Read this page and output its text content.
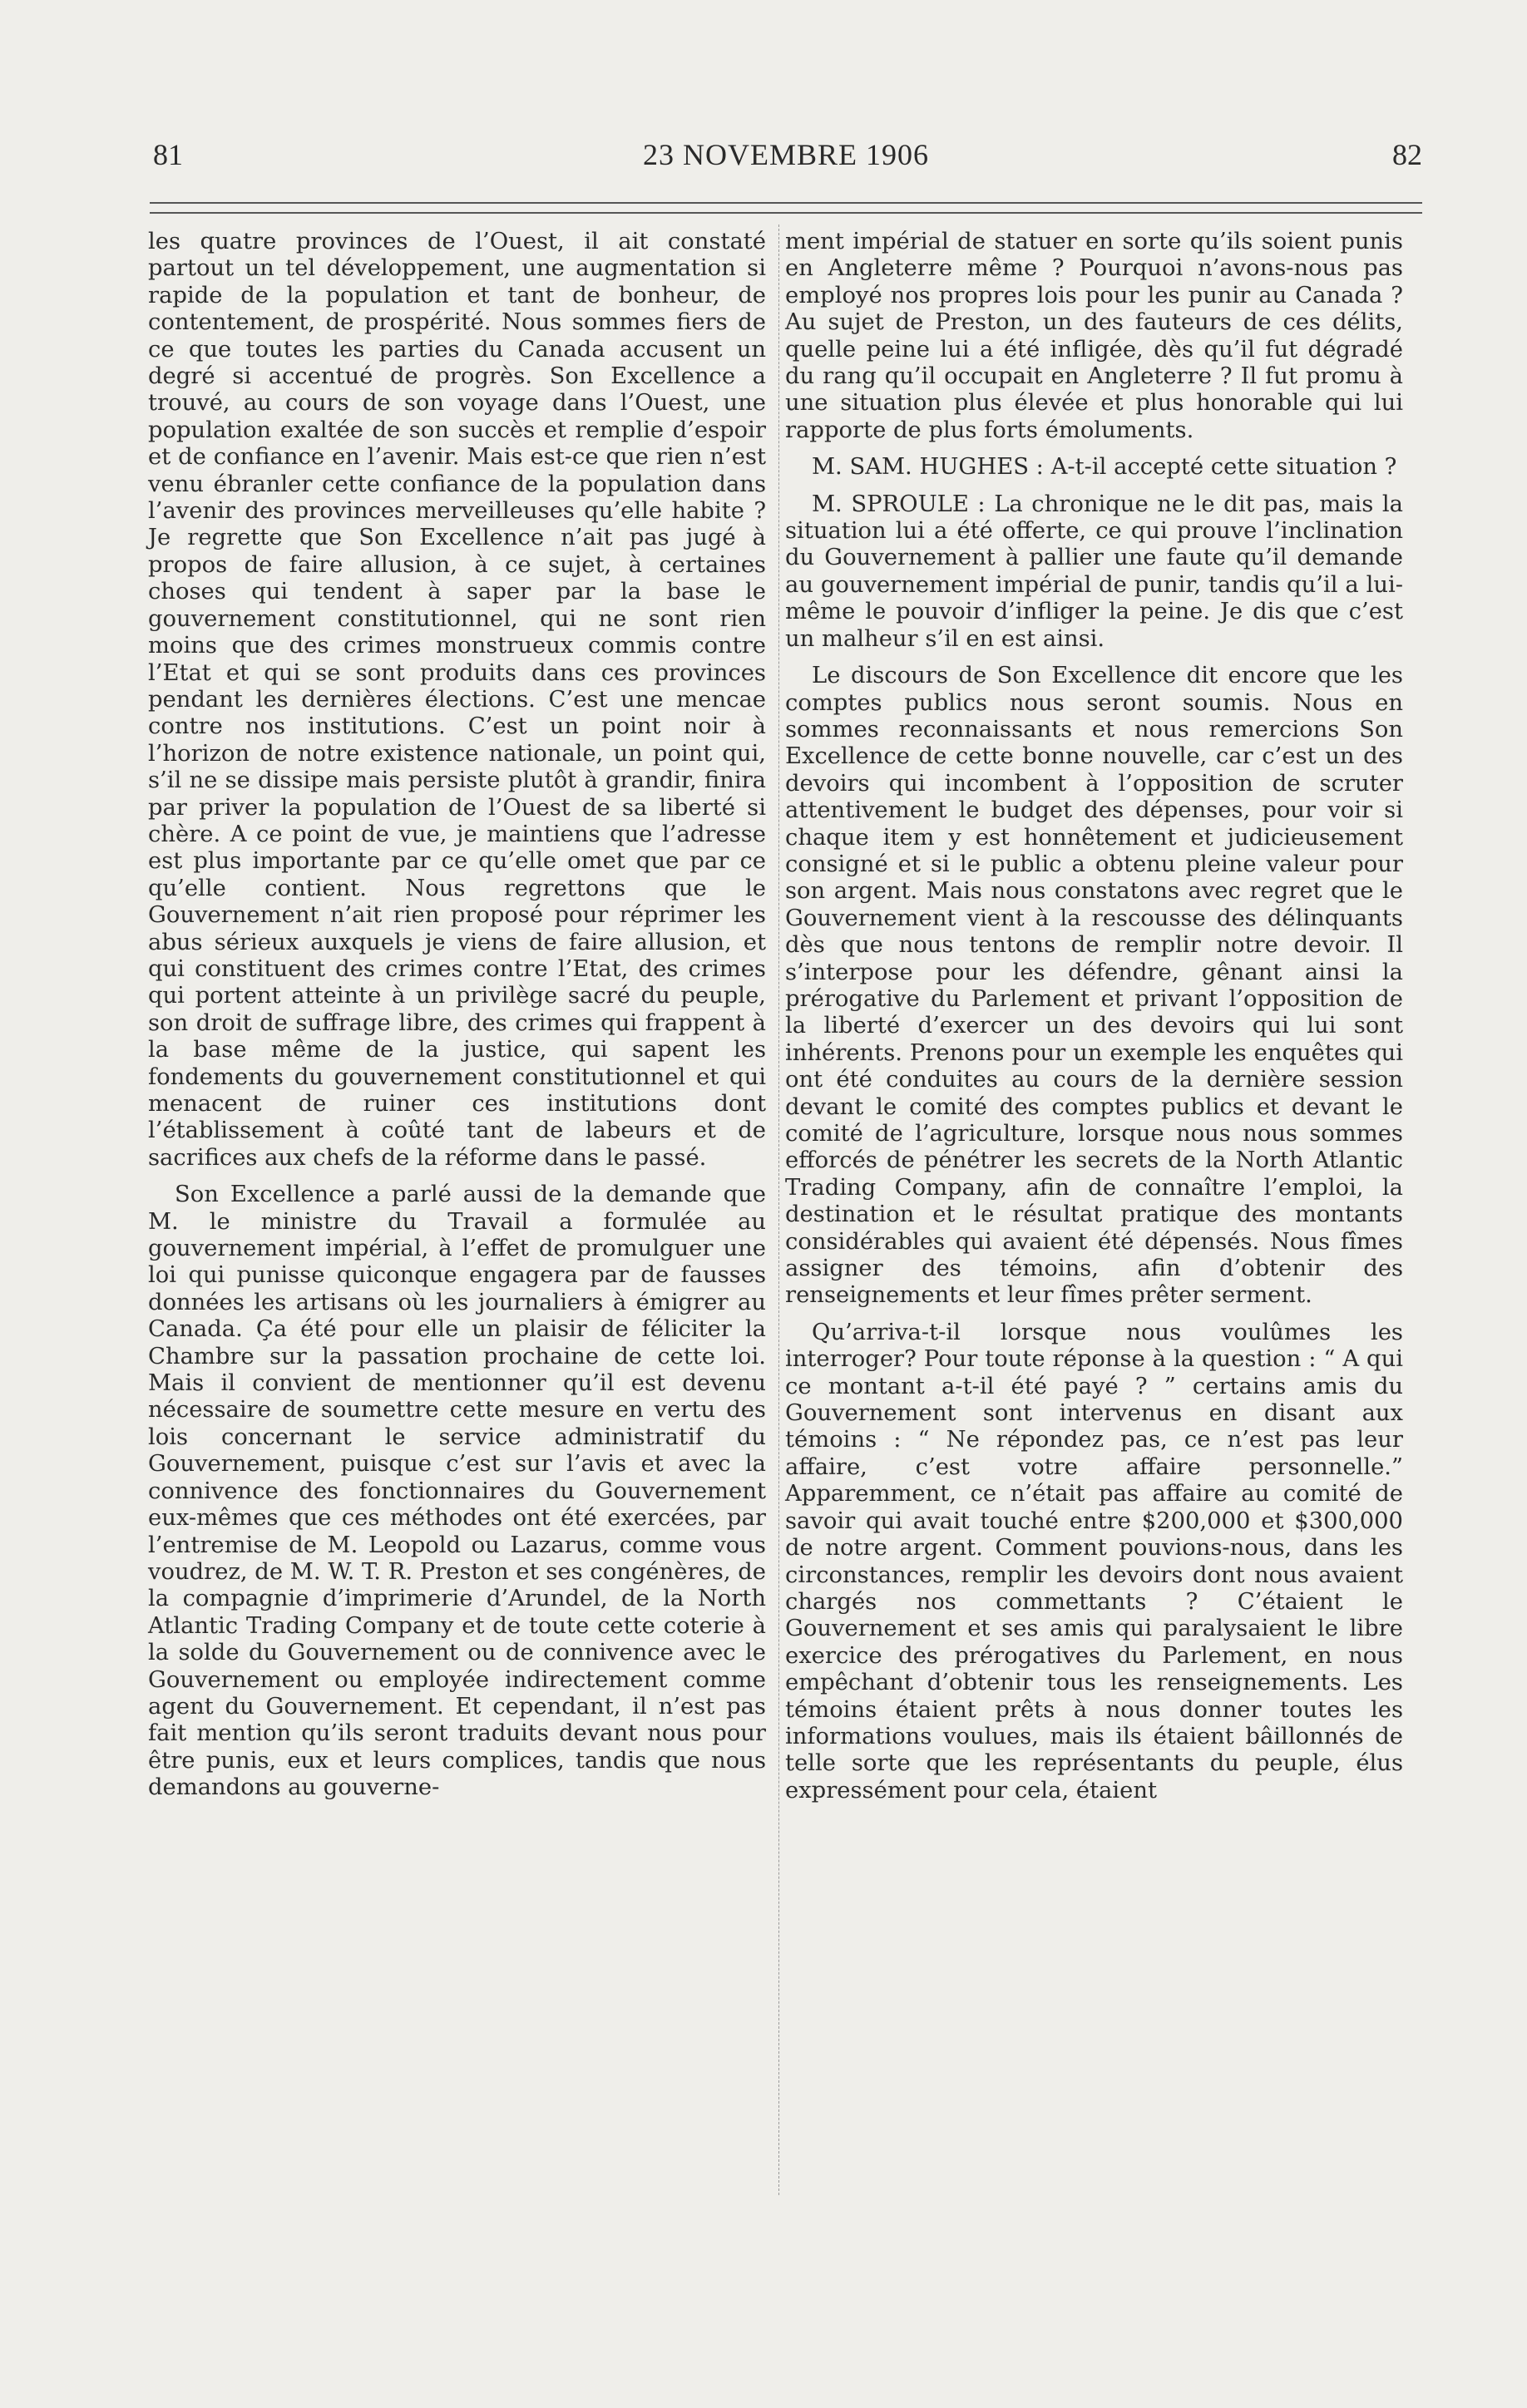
81	23 NOVEMBRE 1906	82

les quatre provinces de l’Ouest, il ait constaté partout un tel développement, une augmentation si rapide de la population et tant de bonheur, de contentement, de prospérité. Nous sommes fiers de ce que toutes les parties du Canada accusent un degré si accentué de progrès. Son Excellence a trouvé, au cours de son voyage dans l’Ouest, une population exaltée de son succès et remplie d’espoir et de confiance en l’avenir. Mais est-ce que rien n’est venu ébranler cette confiance de la population dans l’avenir des provinces merveilleuses qu’elle habite ? Je regrette que Son Excellence n’ait pas jugé à propos de faire allusion, à ce sujet, à certaines choses qui tendent à saper par la base le gouvernement constitutionnel, qui ne sont rien moins que des crimes monstrueux commis contre l’Etat et qui se sont produits dans ces provinces pendant les dernières élections. C’est une mencae contre nos institutions. C’est un point noir à l’horizon de notre existence nationale, un point qui, s’il ne se dissipe mais persiste plutôt à grandir, finira par priver la population de l’Ouest de sa liberté si chère. A ce point de vue, je maintiens que l’adresse est plus importante par ce qu’elle omet que par ce qu’elle contient. Nous regrettons que le Gouvernement n’ait rien proposé pour réprimer les abus sérieux auxquels je viens de faire allusion, et qui constituent des crimes contre l’Etat, des crimes qui portent atteinte à un privilège sacré du peuple, son droit de suffrage libre, des crimes qui frappent à la base même de la justice, qui sapent les fondements du gouvernement constitutionnel et qui menacent de ruiner ces institutions dont l’établissement à coûté tant de labeurs et de sacrifices aux chefs de la réforme dans le passé.

Son Excellence a parlé aussi de la demande que M. le ministre du Travail a formulée au gouvernement impérial, à l’effet de promulguer une loi qui punisse quiconque engagera par de fausses données les artisans où les journaliers à émigrer au Canada. Ça été pour elle un plaisir de féliciter la Chambre sur la passation prochaine de cette loi. Mais il convient de mentionner qu’il est devenu nécessaire de soumettre cette mesure en vertu des lois concernant le service administratif du Gouvernement, puisque c’est sur l’avis et avec la connivence des fonctionnaires du Gouvernement eux-mêmes que ces méthodes ont été exercées, par l’entremise de M. Leopold ou Lazarus, comme vous voudrez, de M. W. T. R. Preston et ses congénères, de la compagnie d’imprimerie d’Arundel, de la North Atlantic Trading Company et de toute cette coterie à la solde du Gouvernement ou de connivence avec le Gouvernement ou employée indirectement comme agent du Gouvernement. Et cependant, il n’est pas fait mention qu’ils seront traduits devant nous pour être punis, eux et leurs complices, tandis que nous demandons au gouverne-

ment impérial de statuer en sorte qu’ils soient punis en Angleterre même ? Pourquoi n’avons-nous pas employé nos propres lois pour les punir au Canada ? Au sujet de Preston, un des fauteurs de ces délits, quelle peine lui a été infligée, dès qu’il fut dégradé du rang qu’il occupait en Angleterre ? Il fut promu à une situation plus élevée et plus honorable qui lui rapporte de plus forts émoluments.

M. SAM. HUGHES : A-t-il accepté cette situation ?

M. SPROULE : La chronique ne le dit pas, mais la situation lui a été offerte, ce qui prouve l’inclination du Gouvernement à pallier une faute qu’il demande au gouvernement impérial de punir, tandis qu’il a lui-même le pouvoir d’infliger la peine. Je dis que c’est un malheur s’il en est ainsi.

Le discours de Son Excellence dit encore que les comptes publics nous seront soumis. Nous en sommes reconnaissants et nous remercions Son Excellence de cette bonne nouvelle, car c’est un des devoirs qui incombent à l’opposition de scruter attentivement le budget des dépenses, pour voir si chaque item y est honnêtement et judicieusement consigné et si le public a obtenu pleine valeur pour son argent. Mais nous constatons avec regret que le Gouvernement vient à la rescousse des délinquants dès que nous tentons de remplir notre devoir. Il s’interpose pour les défendre, gênant ainsi la prérogative du Parlement et privant l’opposition de la liberté d’exercer un des devoirs qui lui sont inhérents. Prenons pour un exemple les enquêtes qui ont été conduites au cours de la dernière session devant le comité des comptes publics et devant le comité de l’agriculture, lorsque nous nous sommes efforcés de pénétrer les secrets de la North Atlantic Trading Company, afin de connaître l’emploi, la destination et le résultat pratique des montants considérables qui avaient été dépensés. Nous fîmes assigner des témoins, afin d’obtenir des renseignements et leur fîmes prêter serment.

Qu’arriva-t-il lorsque nous voulûmes les interroger? Pour toute réponse à la question : “ A qui ce montant a-t-il été payé ? ” certains amis du Gouvernement sont intervenus en disant aux témoins : “ Ne répondez pas, ce n’est pas leur affaire, c’est votre affaire personnelle.” Apparemment, ce n’était pas affaire au comité de savoir qui avait touché entre $200,000 et $300,000 de notre argent. Comment pouvions-nous, dans les circonstances, remplir les devoirs dont nous avaient chargés nos commettants ? C’étaient le Gouvernement et ses amis qui paralysaient le libre exercice des prérogatives du Parlement, en nous empêchant d’obtenir tous les renseignements. Les témoins étaient prêts à nous donner toutes les informations voulues, mais ils étaient bâillonnés de telle sorte que les représentants du peuple, élus expressément pour cela, étaient
